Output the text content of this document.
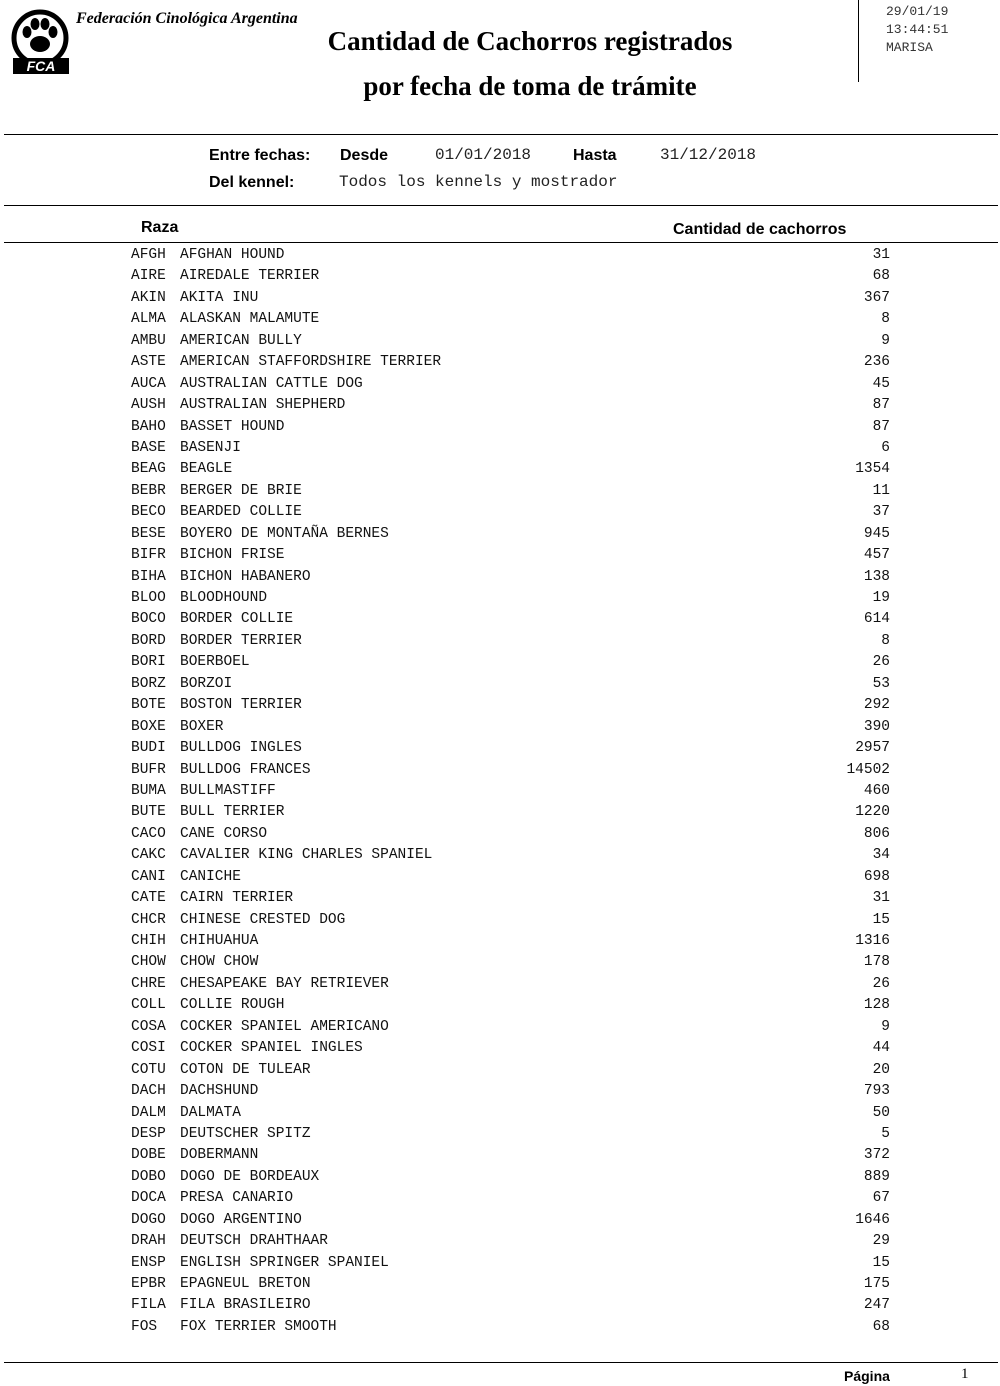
FCA
Federación Cinológica Argentina
Cantidad de Cachorros registrados
por fecha de toma de trámite
29/01/19
13:44:51
MARISA
Entre fechas: Desde	01/01/2018	Hasta	31/12/2018
Del kennel:	Todos los kennels y mostrador
Raza	Cantidad de cachorros
AFGH AFGHAN HOUND	31
AIRE AIREDALE TERRIER	68
AKIN AKITA INU	367
ALMA ALASKAN MALAMUTE	8
AMBU AMERICAN BULLY	9
ASTE AMERICAN STAFFORDSHIRE TERRIER	236
AUCA AUSTRALIAN CATTLE DOG	45
AUSH AUSTRALIAN SHEPHERD	87
BAHO BASSET HOUND	87
BASE BASENJI	6
BEAG BEAGLE	1354
BEBR BERGER DE BRIE	11
BECO BEARDED COLLIE	37
BESE BOYERO DE MONTAÑA BERNES	945
BIFR BICHON FRISE	457
BIHA BICHON HABANERO	138
BLOO BLOODHOUND	19
BOCO BORDER COLLIE	614
BORD BORDER TERRIER	8
BORI BOERBOEL	26
BORZ BORZOI	53
BOTE BOSTON TERRIER	292
BOXE BOXER	390
BUDI BULLDOG INGLES	2957
BUFR BULLDOG FRANCES	14502
BUMA BULLMASTIFF	460
BUTE BULL TERRIER	1220
CACO CANE CORSO	806
CAKC CAVALIER KING CHARLES SPANIEL	34
CANI CANICHE	698
CATE CAIRN TERRIER	31
CHCR CHINESE CRESTED DOG	15
CHIH CHIHUAHUA	1316
CHOW CHOW CHOW	178
CHRE CHESAPEAKE BAY RETRIEVER	26
COLL COLLIE ROUGH	128
COSA COCKER SPANIEL AMERICANO	9
COSI COCKER SPANIEL INGLES	44
COTU COTON DE TULEAR	20
DACH DACHSHUND	793
DALM DALMATA	50
DESP DEUTSCHER SPITZ	5
DOBE DOBERMANN	372
DOBO DOGO DE BORDEAUX	889
DOCA PRESA CANARIO	67
DOGO DOGO ARGENTINO	1646
DRAH DEUTSCH DRAHTHAAR	29
ENSP ENGLISH SPRINGER SPANIEL	15
EPBR EPAGNEUL BRETON	175
FILA FILA BRASILEIRO	247
FOS FOX TERRIER SMOOTH	68
Página	1
